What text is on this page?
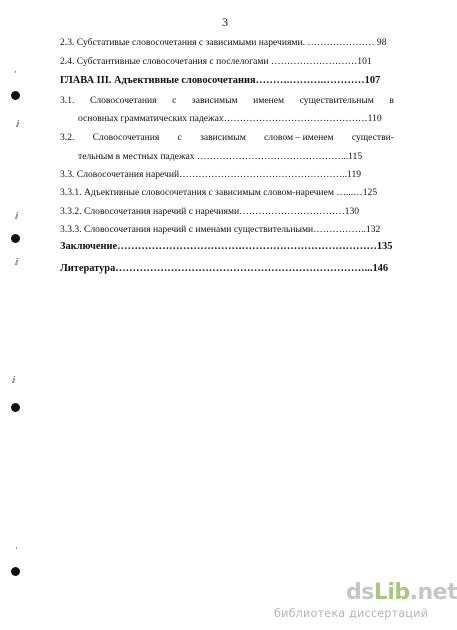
3
2.3. Субстативые словосочетания с зависимыми наречиями. ………………… 98
2.4. Субстантивные словосочетания с послелогами ………………………101
ГЛАВА III. Адъективные словосочетания……….……….…………107
3.1. Словосочетания с зависимым именем существительным в
основных грамматических падежах………………………………………110
3.2. Словосочетания с зависимым словом – именем существи-
тельным в местных падежах ………………………………………...115
3.3. Словосочетания наречий……………………………………………..119
3.3.1. Адъективные словосочетания с зависимым словом-наречием …...…125
3.3.2. Словосочетания наречий с наречиями……………………………130
3.3.3. Словосочетания наречий с именами существительными……………..132
Заключение…………………………………………………………………135
Литература………………………………………………………………...146
·
ⅈ
ⅈ
ⅈ
ⅈ
·
dsLib.net
библиотека диссертаций
